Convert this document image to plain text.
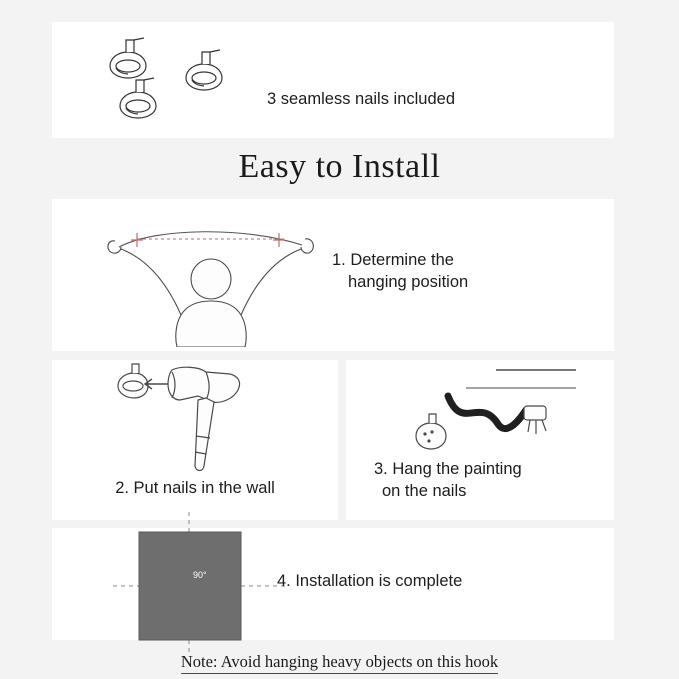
3 seamless nails included
Easy to Install
1. Determine the
hanging position
2. Put nails in the wall
3. Hang the painting
on the nails
90°	4. Installation is complete
Note: Avoid hanging heavy objects on this hook
